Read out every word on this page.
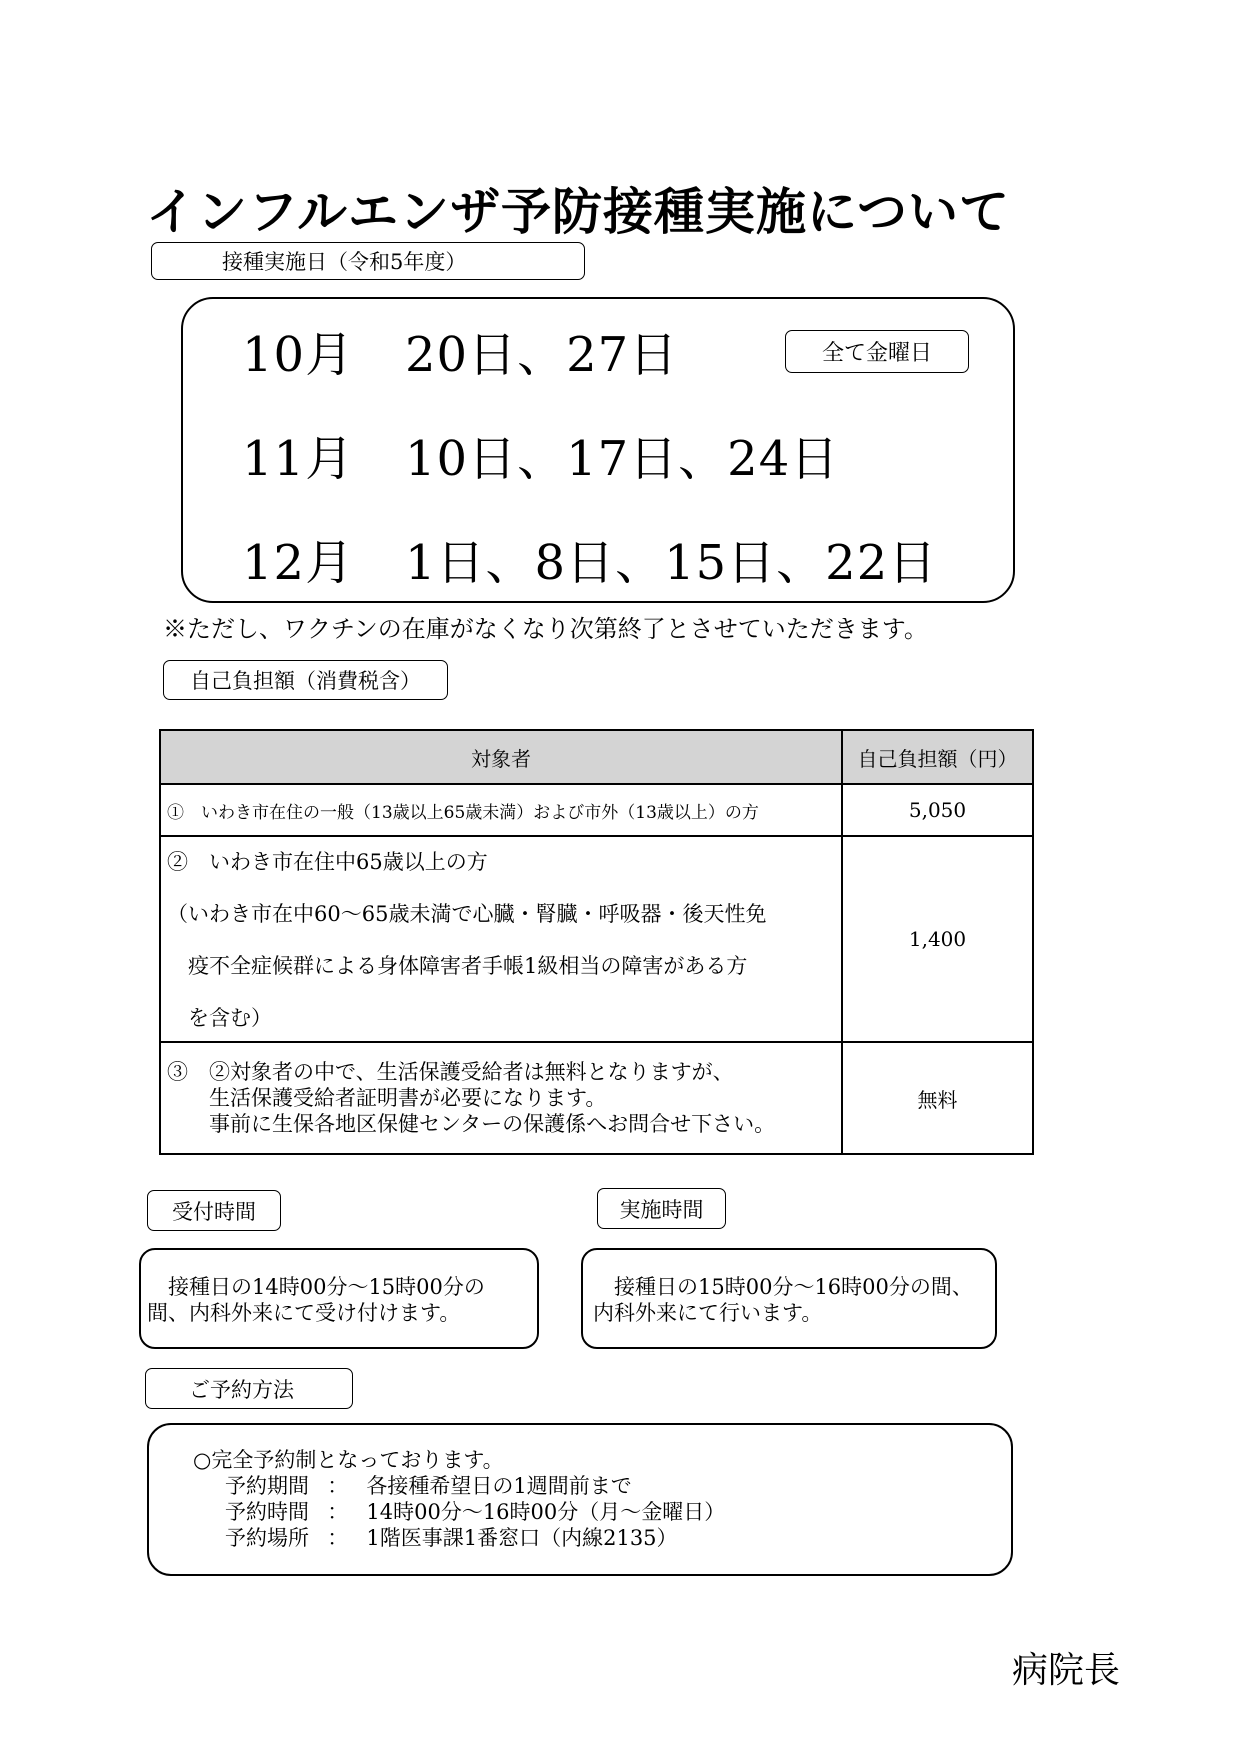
インフルエンザ予防接種実施について
接種実施日（令和5年度）
10月 20日、27日
11月 10日、17日、24日
12月 1日、8日、15日、22日
全て金曜日
※ただし、ワクチンの在庫がなくなり次第終了とさせていただきます。
自己負担額（消費税含）
対象者	自己負担額（円）

①　いわき市在住の一般（13歳以上65歳未満）および市外（13歳以上）の方	5,050

②　いわき市在住中65歳以上の方
（いわき市在中60～65歳未満で心臓・腎臓・呼吸器・後天性免
　疫不全症候群による身体障害者手帳1級相当の障害がある方
　を含む）	1,400

③　②対象者の中で、生活保護受給者は無料となりますが、
　　生活保護受給者証明書が必要になります。
　　事前に生保各地区保健センターの保護係へお問合せ下さい。	無料
受付時間
　接種日の14時00分～15時00分の
間、内科外来にて受け付けます。
実施時間
　接種日の15時00分～16時00分の間、
内科外来にて行います。
ご予約方法
○完全予約制となっております。
予約期間 ： 各接種希望日の1週間前まで
予約時間 ： 14時00分～16時00分（月～金曜日）
予約場所 ： 1階医事課1番窓口（内線2135）
病院長
